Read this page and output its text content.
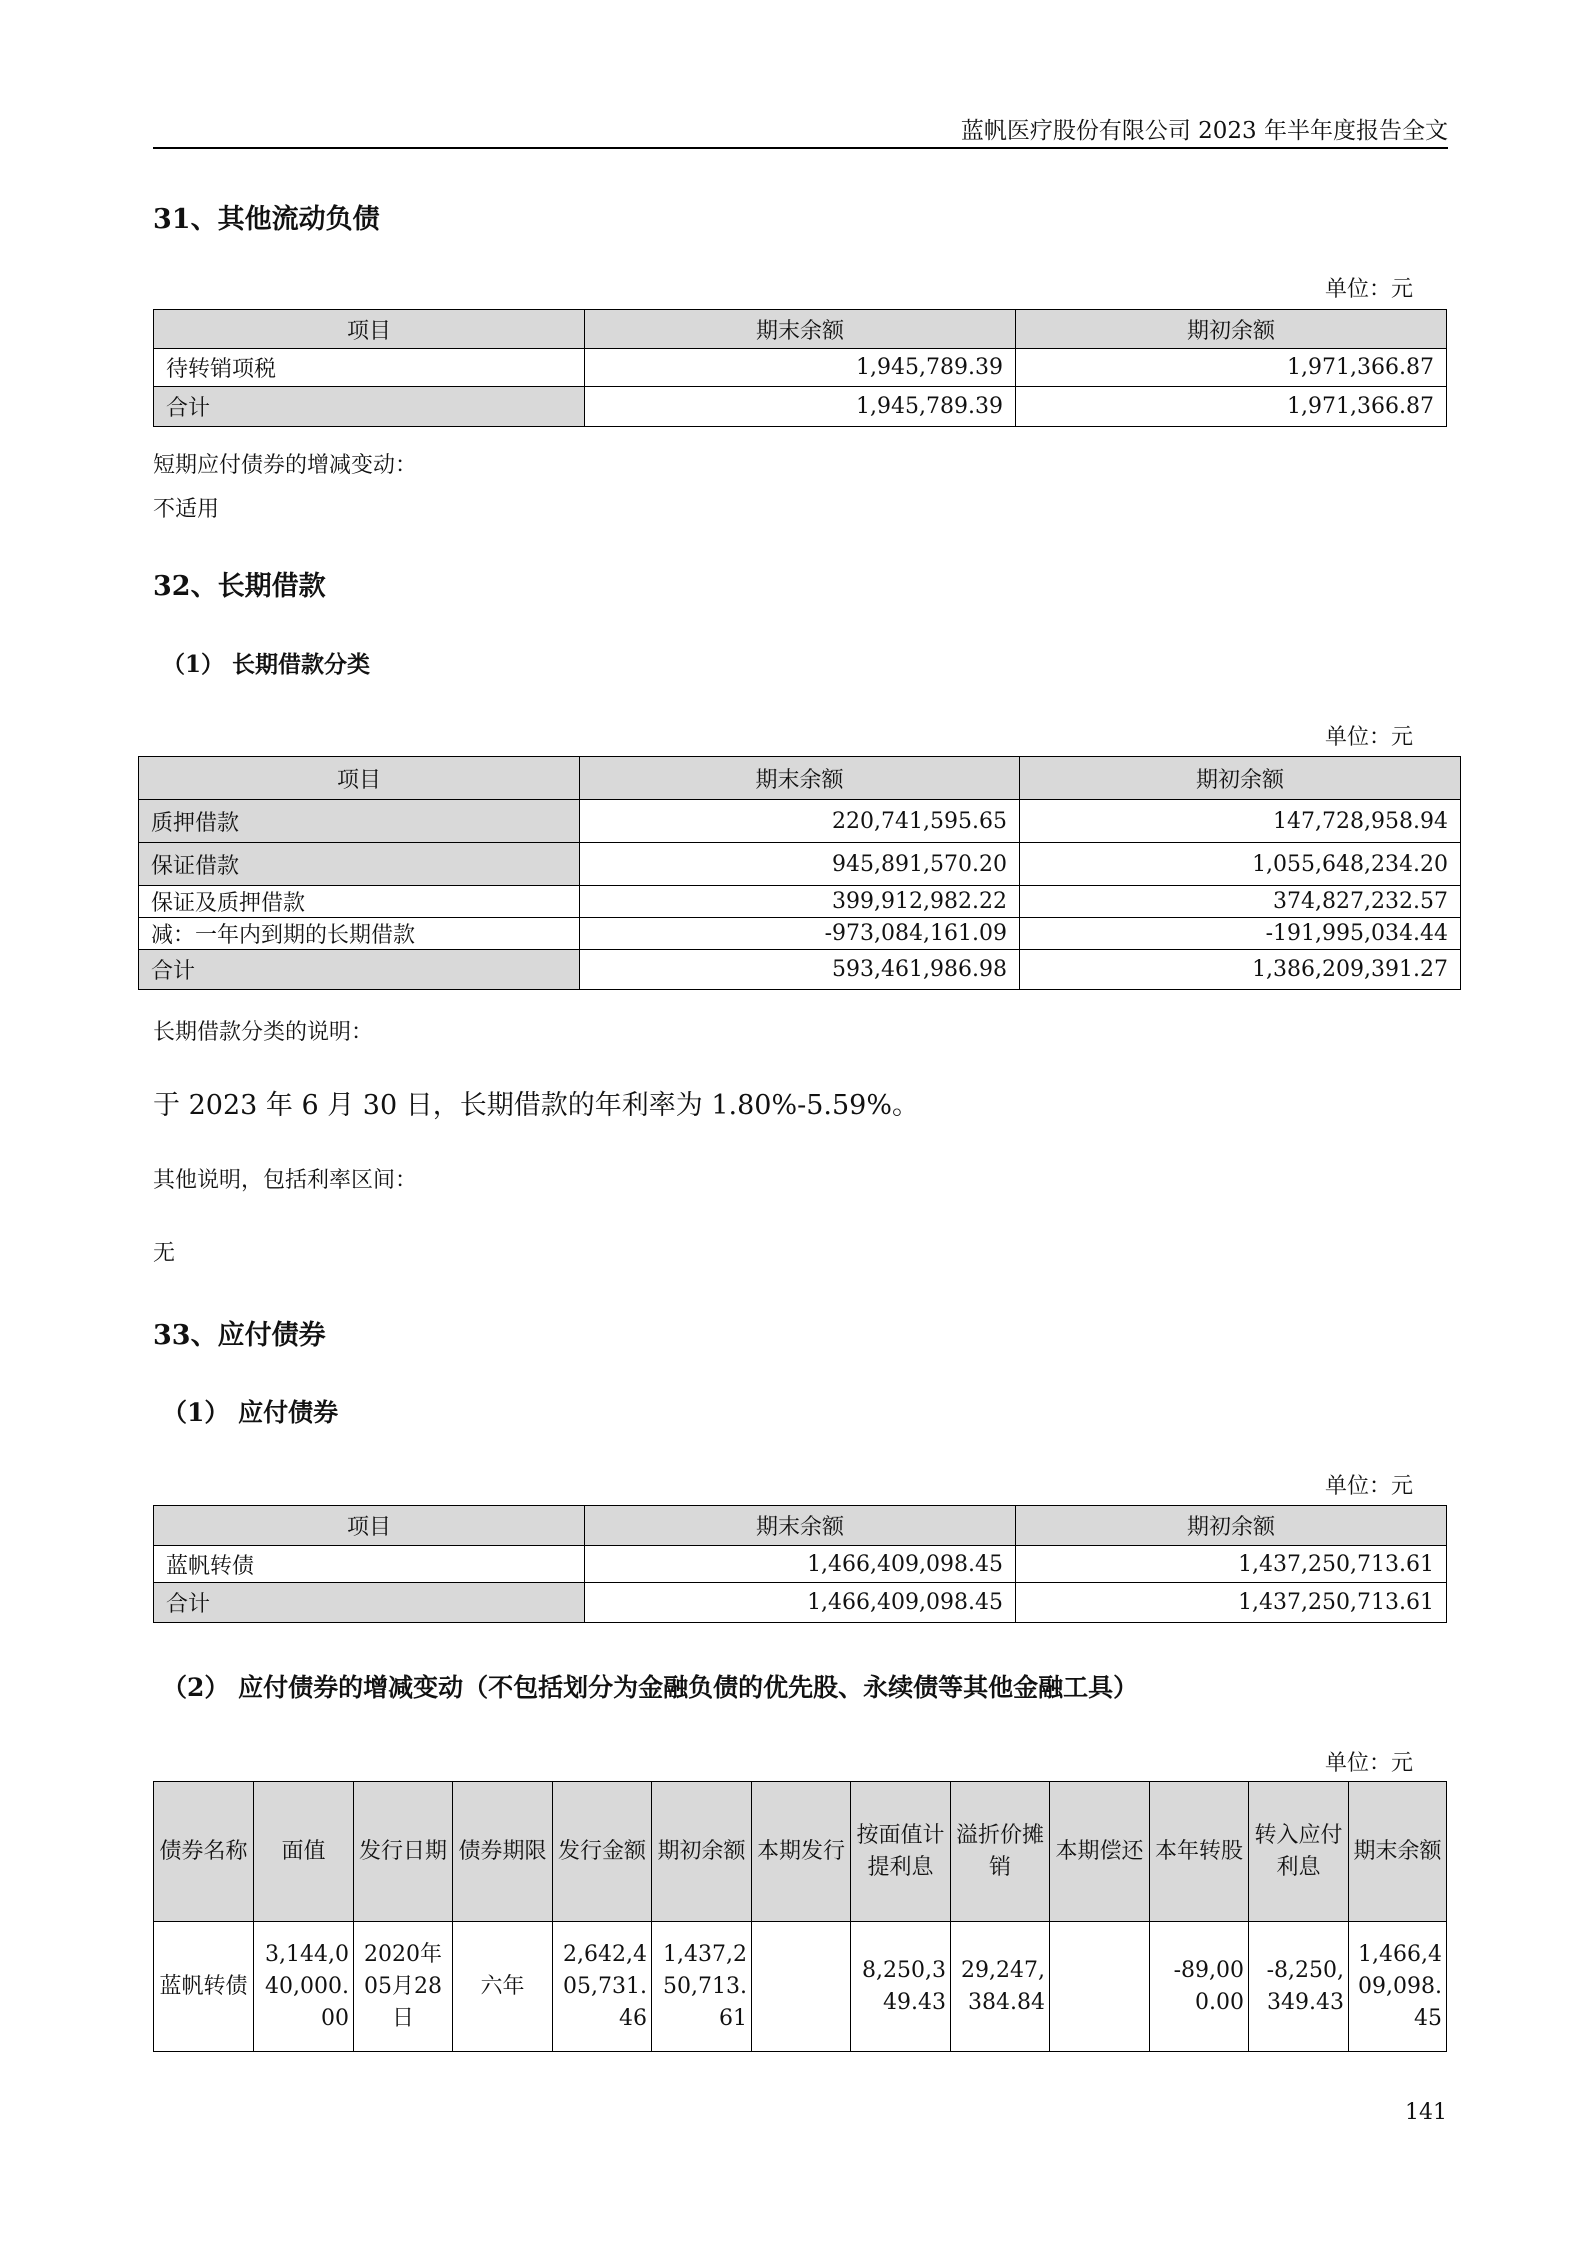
蓝帆医疗股份有限公司 2023 年半年度报告全文
31、其他流动负债
单位：元
项目	期末余额	期初余额
待转销项税	1,945,789.39	1,971,366.87
合计	1,945,789.39	1,971,366.87
短期应付债券的增减变动：
不适用
32、长期借款
（1） 长期借款分类
单位：元
项目	期末余额	期初余额
质押借款	220,741,595.65	147,728,958.94
保证借款	945,891,570.20	1,055,648,234.20
保证及质押借款	399,912,982.22	374,827,232.57
减：一年内到期的长期借款	-973,084,161.09	-191,995,034.44
合计	593,461,986.98	1,386,209,391.27
长期借款分类的说明：
于 2023 年 6 月 30 日，长期借款的年利率为 1.80%-5.59%。
其他说明，包括利率区间：
无
33、应付债券
（1） 应付债券
单位：元
项目	期末余额	期初余额
蓝帆转债	1,466,409,098.45	1,437,250,713.61
合计	1,466,409,098.45	1,437,250,713.61
（2） 应付债券的增减变动（不包括划分为金融负债的优先股、永续债等其他金融工具）
单位：元
债券名称	面值	发行日期	债券期限	发行金额	期初余额	本期发行	按面值计提利息	溢折价摊销	本期偿还	本年转股	转入应付利息	期末余额
蓝帆转债	3,144,040,000.00	2020年05月28日	六年	2,642,405,731.46	1,437,250,713.61		8,250,349.43	29,247,384.84		-89,000.00	-8,250,349.43	1,466,409,098.45
141
